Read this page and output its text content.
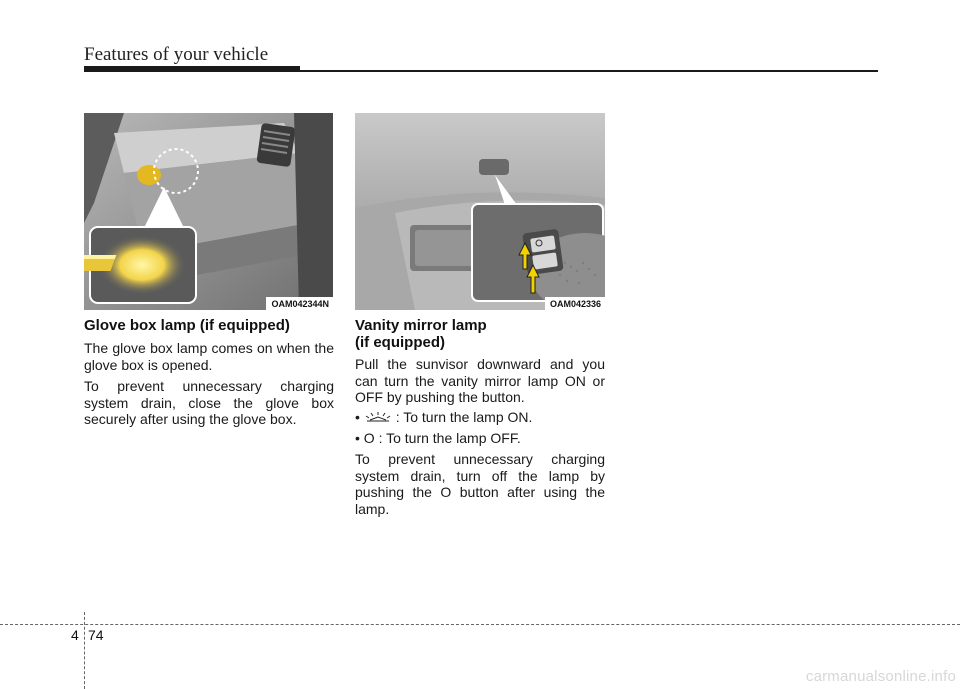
Features of your vehicle
OAM042344N	OAM042336
Glove box lamp (if equipped)

The glove box lamp comes on when the glove box is opened.

To prevent unnecessary charging system drain, close the glove box securely after using the glove box.

Vanity mirror lamp
(if equipped)

Pull the sunvisor downward and you can turn the vanity mirror lamp ON or OFF by pushing the button.

•	: To turn the lamp ON.

• O : To turn the lamp OFF.

To prevent unnecessary charging system drain, turn off the lamp by pushing the O button after using the lamp.

4 74
carmanualsonline.info
